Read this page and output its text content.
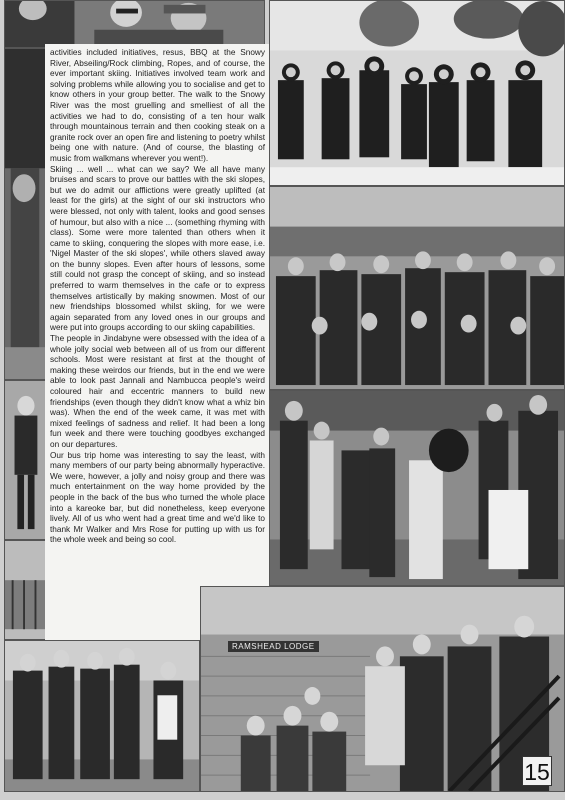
activities included initiatives, resus, BBQ at the Snowy River, Abseiling/Rock climbing, Ropes, and of course, the ever important skiing. Initiatives involved team work and solving problems while allowing you to socialise and get to know others in your group better. The walk to the Snowy River was the most gruelling and smelliest of all the activities we had to do, consisting of a ten hour walk through mountainous terrain and then cooking steak on a granite rock over an open fire and listening to poetry whilst being one with nature. (And of course, the blasting of music from walkmans wherever you went!).

Skiing ... well ... what can we say? We all have many bruises and scars to prove our battles with the ski slopes, but we do admit our afflictions were greatly uplifted (at least for the girls) at the sight of our ski instructors who were blessed, not only with talent, looks and good senses of humour, but also with a nice ... (something rhyming with class). Some were more talented than others when it came to skiing, conquering the slopes with more ease, i.e. 'Nigel Master of the ski slopes', while others slaved away on the bunny slopes. Even after hours of lessons, some still could not grasp the concept of skiing, and so instead preferred to warm themselves in the cafe or to express themselves artistically by making snowmen. Most of our new friendships blossomed whilst skiing, for we were again separated from any loved ones in our groups and were put into groups according to our skiing capabilities.

The people in Jindabyne were obsessed with the idea of a whole jolly social web between all of us from our different schools. Most were resistant at first at the thought of making these weirdos our friends, but in the end we were able to look past Jannali and Nambucca people's weird coloured hair and eccentric manners to build new friendships (even though they didn't know what a whiz bin was). When the end of the week came, it was met with mixed feelings of sadness and relief. It had been a long fun week and there were touching goodbyes exchanged on our departures.

Our bus trip home was interesting to say the least, with many members of our party being abnormally hyperactive. We were, however, a jolly and noisy group and there was much entertainment on the way home provided by the people in the back of the bus who turned the whole place into a kareoke bar, but did nonetheless, keep everyone lively. All of us who went had a great time and we'd like to thank Mr Walker and Mrs Rose for putting up with us for the whole week and being so cool.

RAMSHEAD LODGE
15
